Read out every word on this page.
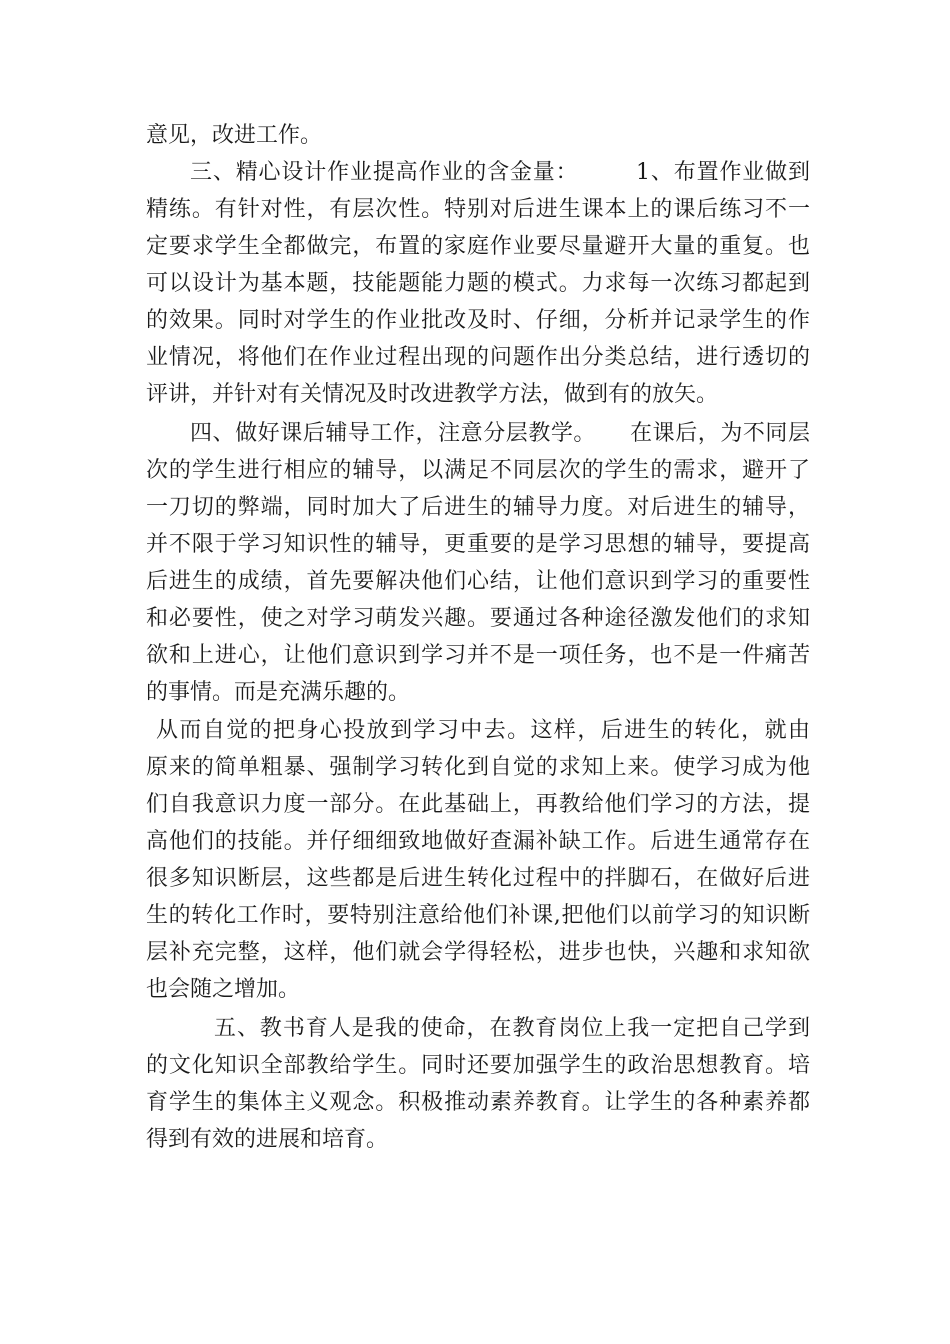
意见，改进工作。
三、精心设计作业提高作业的含金量：　　　1、布置作业做到
精练。有针对性，有层次性。特别对后进生课本上的课后练习不一
定要求学生全都做完，布置的家庭作业要尽量避开大量的重复。也
可以设计为基本题，技能题能力题的模式。力求每一次练习都起到
的效果。同时对学生的作业批改及时、仔细，分析并记录学生的作
业情况，将他们在作业过程出现的问题作出分类总结，进行透切的
评讲，并针对有关情况及时改进教学方法，做到有的放矢。
四、做好课后辅导工作，注意分层教学。　　在课后，为不同层
次的学生进行相应的辅导，以满足不同层次的学生的需求，避开了
一刀切的弊端，同时加大了后进生的辅导力度。对后进生的辅导，
并不限于学习知识性的辅导，更重要的是学习思想的辅导，要提高
后进生的成绩，首先要解决他们心结，让他们意识到学习的重要性
和必要性，使之对学习萌发兴趣。要通过各种途径激发他们的求知
欲和上进心，让他们意识到学习并不是一项任务，也不是一件痛苦
的事情。而是充满乐趣的。
从而自觉的把身心投放到学习中去。这样，后进生的转化，就由
原来的简单粗暴、强制学习转化到自觉的求知上来。使学习成为他
们自我意识力度一部分。在此基础上，再教给他们学习的方法，提
高他们的技能。并仔细细致地做好查漏补缺工作。后进生通常存在
很多知识断层，这些都是后进生转化过程中的拌脚石，在做好后进
生的转化工作时，要特别注意给他们补课,把他们以前学习的知识断
层补充完整，这样，他们就会学得轻松，进步也快，兴趣和求知欲
也会随之增加。
五、教书育人是我的使命，在教育岗位上我一定把自己学到
的文化知识全部教给学生。同时还要加强学生的政治思想教育。培
育学生的集体主义观念。积极推动素养教育。让学生的各种素养都
得到有效的进展和培育。
